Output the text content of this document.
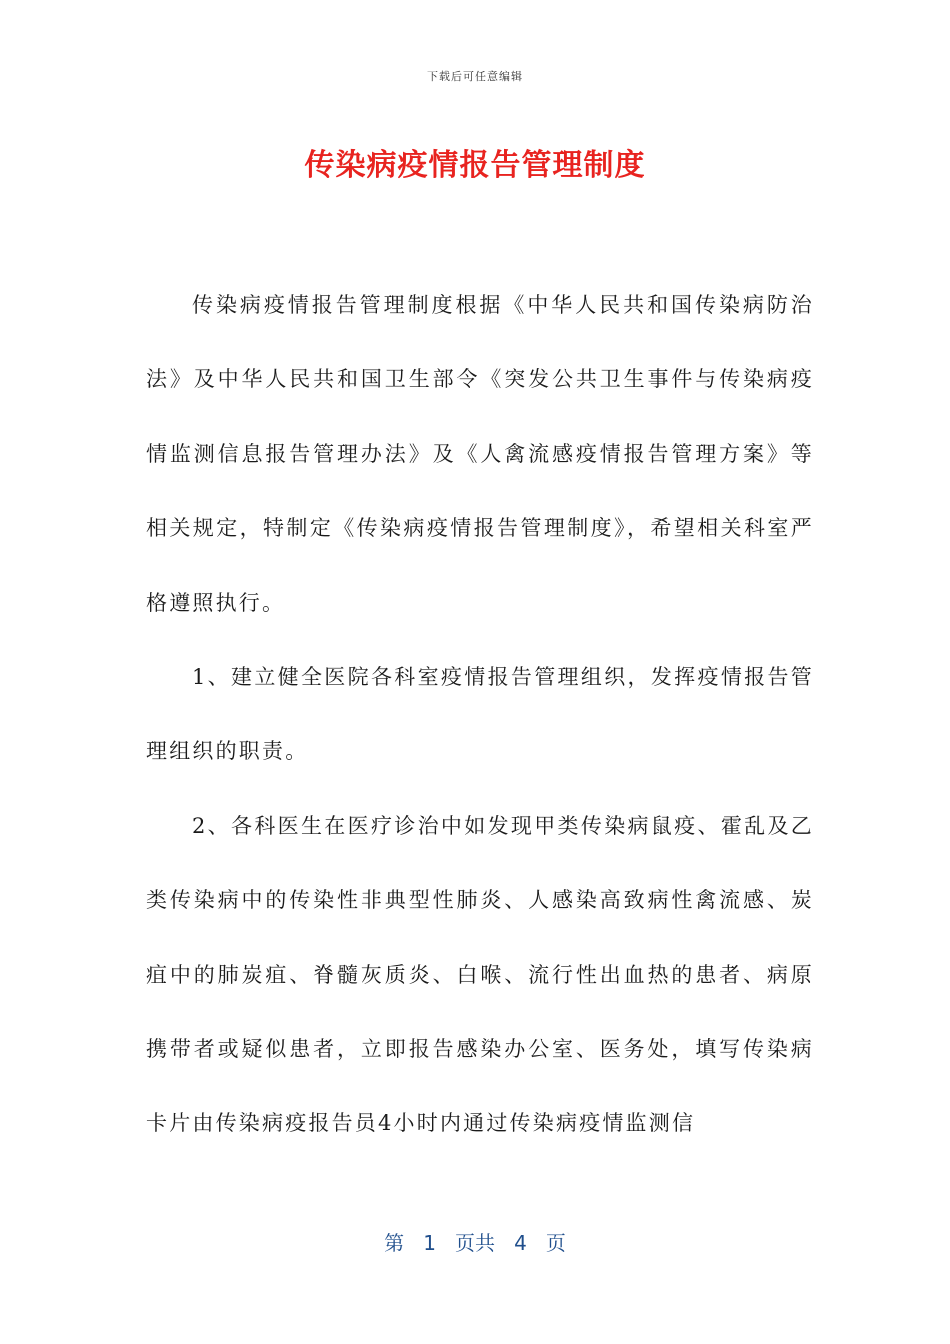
下载后可任意编辑
传染病疫情报告管理制度

传染病疫情报告管理制度根据《中华人民共和国传染病防治法》及中华人民共和国卫生部令《突发公共卫生事件与传染病疫情监测信息报告管理办法》及《人禽流感疫情报告管理方案》等相关规定，特制定《传染病疫情报告管理制度》，希望相关科室严格遵照执行。

1、建立健全医院各科室疫情报告管理组织，发挥疫情报告管理组织的职责。

2、各科医生在医疗诊治中如发现甲类传染病鼠疫、霍乱及乙类传染病中的传染性非典型性肺炎、人感染高致病性禽流感、炭疽中的肺炭疽、脊髓灰质炎、白喉、流行性出血热的患者、病原携带者或疑似患者，立即报告感染办公室、医务处，填写传染病卡片由传染病疫报告员4小时内通过传染病疫情监测信

第 1 页共 4 页
